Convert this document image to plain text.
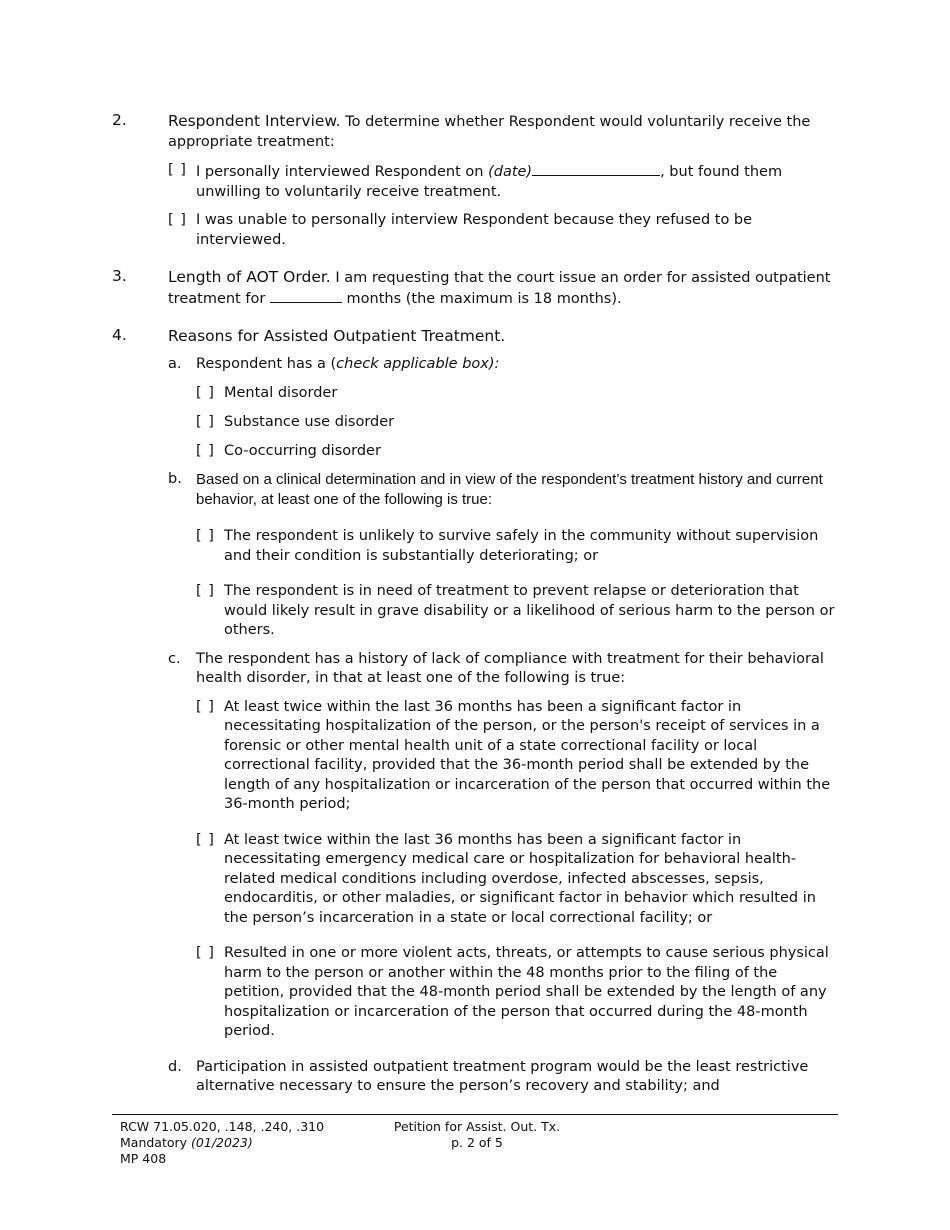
2.	Respondent Interview. To determine whether Respondent would voluntarily receive the appropriate treatment:
[ ] I personally interviewed Respondent on (date)	, but found them unwilling to voluntarily receive treatment.
[ ] I was unable to personally interview Respondent because they refused to be interviewed.
3.	Length of AOT Order. I am requesting that the court issue an order for assisted outpatient treatment for	months (the maximum is 18 months).
4.	Reasons for Assisted Outpatient Treatment.
a. Respondent has a (check applicable box):
[ ] Mental disorder
[ ] Substance use disorder
[ ] Co-occurring disorder
b. Based on a clinical determination and in view of the respondent’s treatment history and current behavior, at least one of the following is true:
[ ] The respondent is unlikely to survive safely in the community without supervision and their condition is substantially deteriorating; or
[ ] The respondent is in need of treatment to prevent relapse or deterioration that would likely result in grave disability or a likelihood of serious harm to the person or others.
c. The respondent has a history of lack of compliance with treatment for their behavioral health disorder, in that at least one of the following is true:
[ ] At least twice within the last 36 months has been a significant factor in necessitating hospitalization of the person, or the person's receipt of services in a forensic or other mental health unit of a state correctional facility or local correctional facility, provided that the 36-month period shall be extended by the length of any hospitalization or incarceration of the person that occurred within the 36-month period;
[ ] At least twice within the last 36 months has been a significant factor in necessitating emergency medical care or hospitalization for behavioral health-related medical conditions including overdose, infected abscesses, sepsis, endocarditis, or other maladies, or significant factor in behavior which resulted in the person’s incarceration in a state or local correctional facility; or
[ ] Resulted in one or more violent acts, threats, or attempts to cause serious physical harm to the person or another within the 48 months prior to the filing of the petition, provided that the 48-month period shall be extended by the length of any hospitalization or incarceration of the person that occurred during the 48-month period.
d. Participation in assisted outpatient treatment program would be the least restrictive alternative necessary to ensure the person’s recovery and stability; and
RCW 71.05.020, .148, .240, .310
Mandatory (01/2023)
MP 408
Petition for Assist. Out. Tx.
p. 2 of 5
